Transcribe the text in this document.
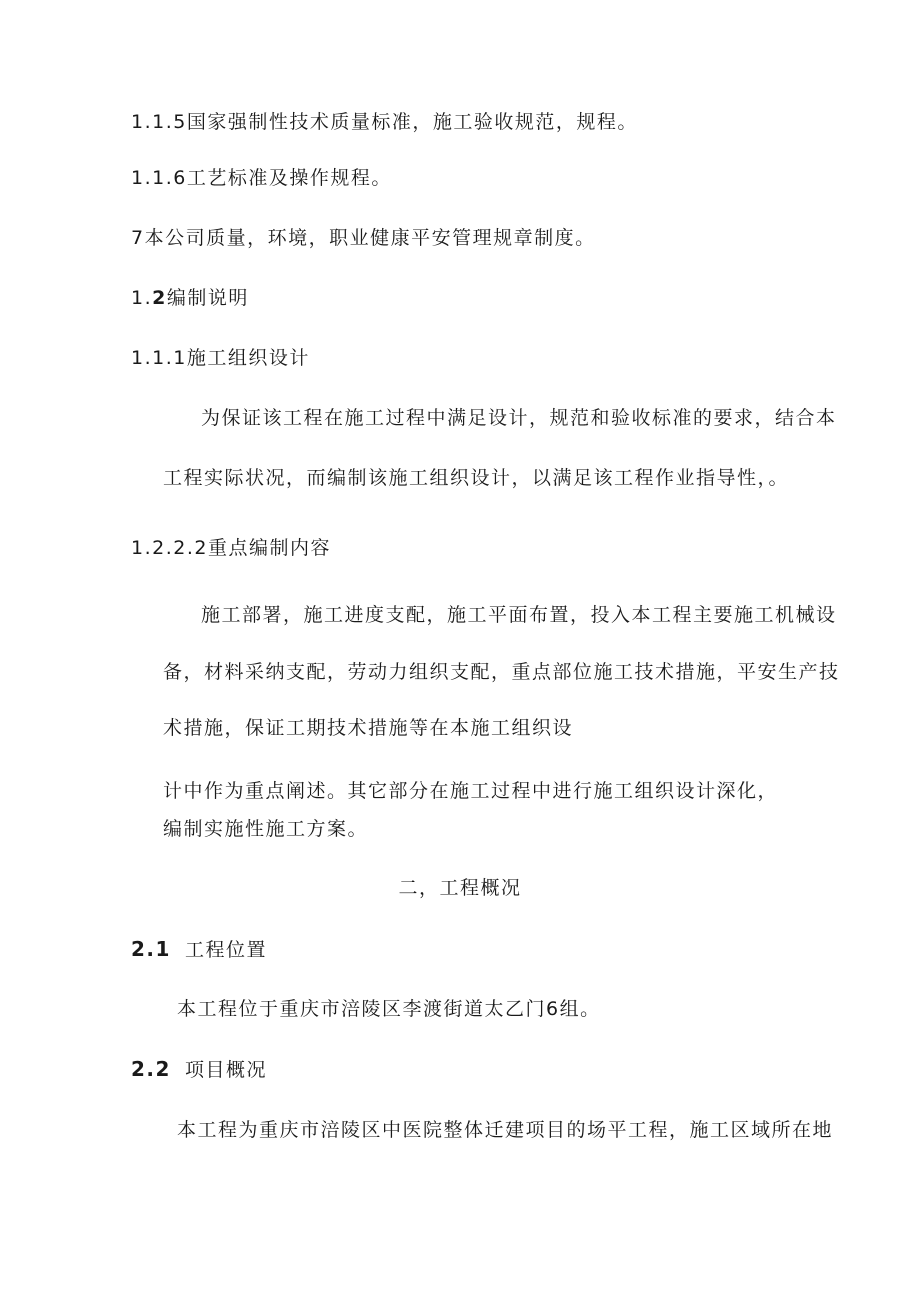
1.1.5国家强制性技术质量标准，施工验收规范，规程。
1.1.6工艺标准及操作规程。
7本公司质量，环境，职业健康平安管理规章制度。
1.2编制说明
1.1.1施工组织设计
为保证该工程在施工过程中满足设计，规范和验收标准的要求，结合本
工程实际状况，而编制该施工组织设计，以满足该工程作业指导性，。
1.2.2.2重点编制内容
施工部署，施工进度支配，施工平面布置，投入本工程主要施工机械设
备，材料采纳支配，劳动力组织支配，重点部位施工技术措施，平安生产技
术措施，保证工期技术措施等在本施工组织设
计中作为重点阐述。其它部分在施工过程中进行施工组织设计深化，
编制实施性施工方案。
二，工程概况
2.1 工程位置
本工程位于重庆市涪陵区李渡街道太乙门6组。
2.2 项目概况
本工程为重庆市涪陵区中医院整体迁建项目的场平工程，施工区域所在地
